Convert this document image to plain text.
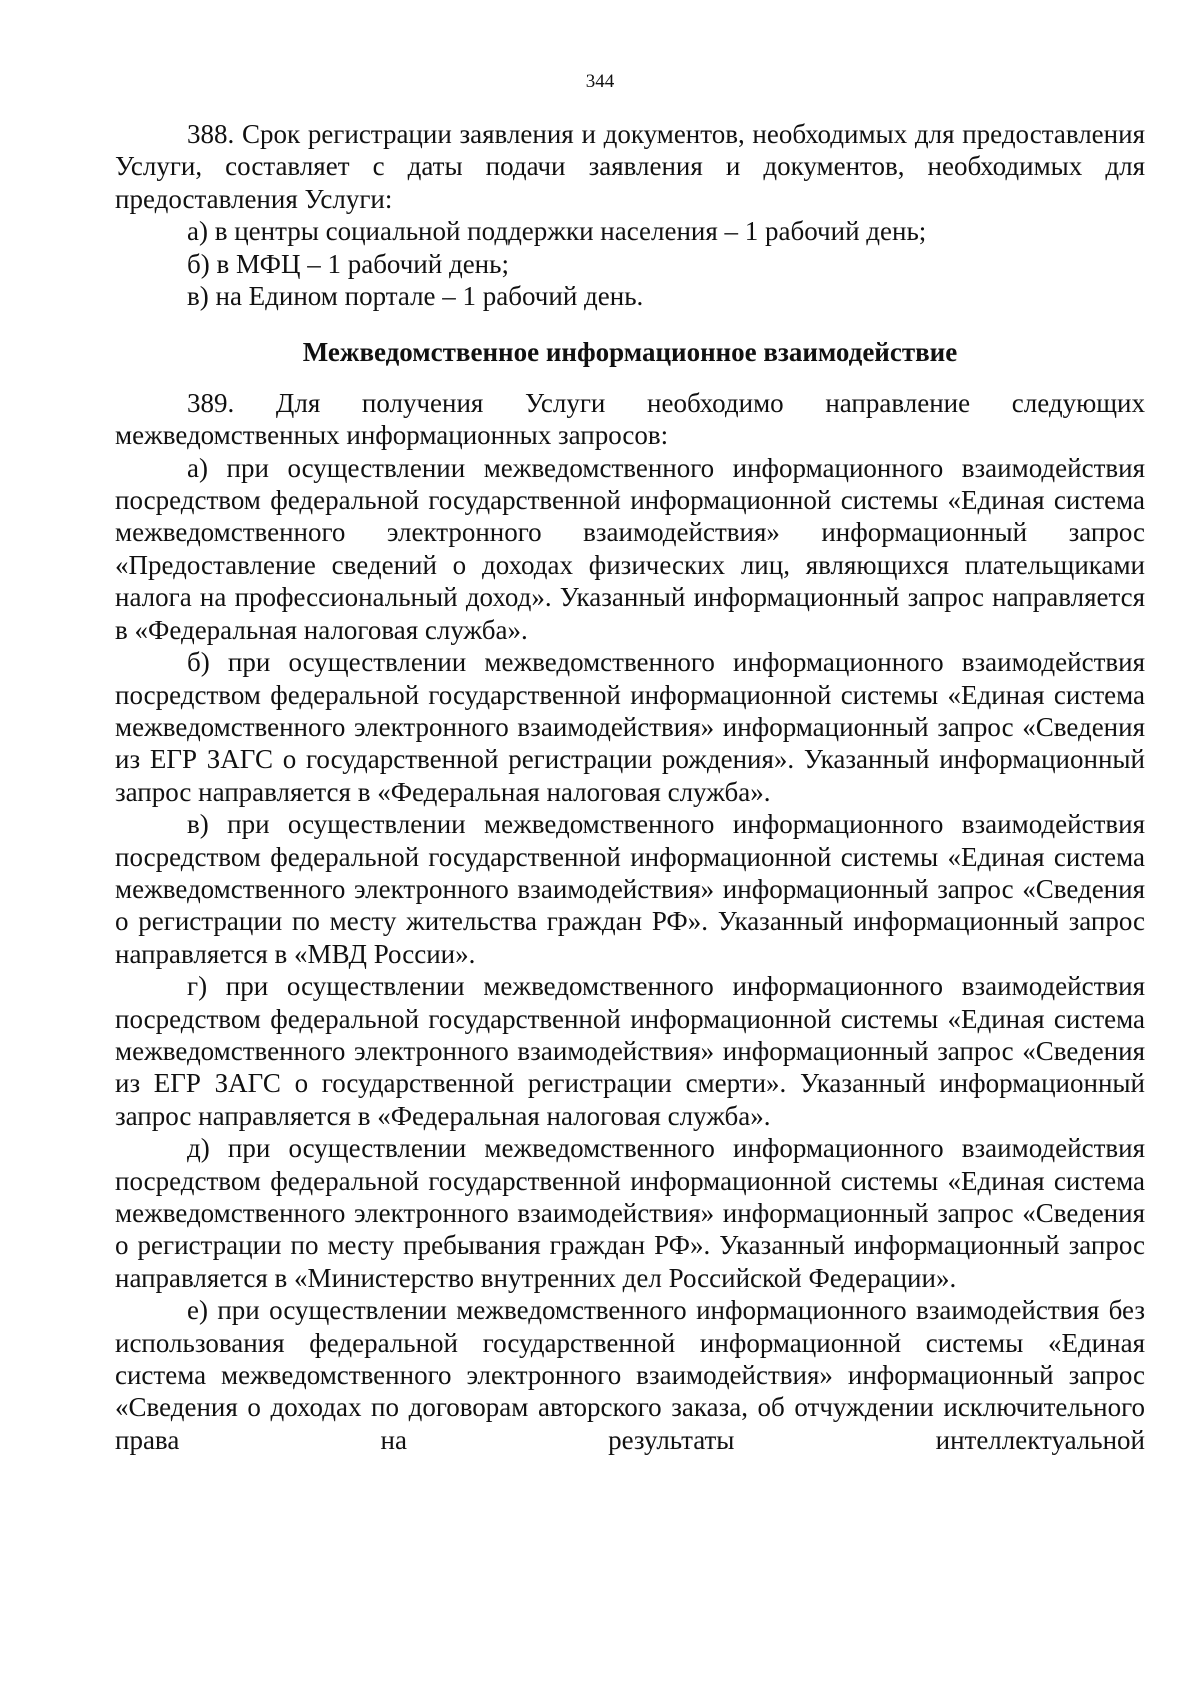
344

388. Срок регистрации заявления и документов, необходимых для предоставления Услуги, составляет с даты подачи заявления и документов, необходимых для предоставления Услуги:

а) в центры социальной поддержки населения – 1 рабочий день;

б) в МФЦ – 1 рабочий день;

в) на Едином портале – 1 рабочий день.

Межведомственное информационное взаимодействие

389. Для получения Услуги необходимо направление следующих межведомственных информационных запросов:

а) при осуществлении межведомственного информационного взаимодействия посредством федеральной государственной информационной системы «Единая система межведомственного электронного взаимодействия» информационный запрос «Предоставление сведений о доходах физических лиц, являющихся плательщиками налога на профессиональный доход». Указанный информационный запрос направляется в «Федеральная налоговая служба».

б) при осуществлении межведомственного информационного взаимодействия посредством федеральной государственной информационной системы «Единая система межведомственного электронного взаимодействия» информационный запрос «Сведения из ЕГР ЗАГС о государственной регистрации рождения». Указанный информационный запрос направляется в «Федеральная налоговая служба».

в) при осуществлении межведомственного информационного взаимодействия посредством федеральной государственной информационной системы «Единая система межведомственного электронного взаимодействия» информационный запрос «Сведения о регистрации по месту жительства граждан РФ». Указанный информационный запрос направляется в «МВД России».

г) при осуществлении межведомственного информационного взаимодействия посредством федеральной государственной информационной системы «Единая система межведомственного электронного взаимодействия» информационный запрос «Сведения из ЕГР ЗАГС о государственной регистрации смерти». Указанный информационный запрос направляется в «Федеральная налоговая служба».

д) при осуществлении межведомственного информационного взаимодействия посредством федеральной государственной информационной системы «Единая система межведомственного электронного взаимодействия» информационный запрос «Сведения о регистрации по месту пребывания граждан РФ». Указанный информационный запрос направляется в «Министерство внутренних дел Российской Федерации».

е) при осуществлении межведомственного информационного взаимодействия без использования федеральной государственной информационной системы «Единая система межведомственного электронного взаимодействия» информационный запрос «Сведения о доходах по договорам авторского заказа, об отчуждении исключительного права на результаты интеллектуальной
